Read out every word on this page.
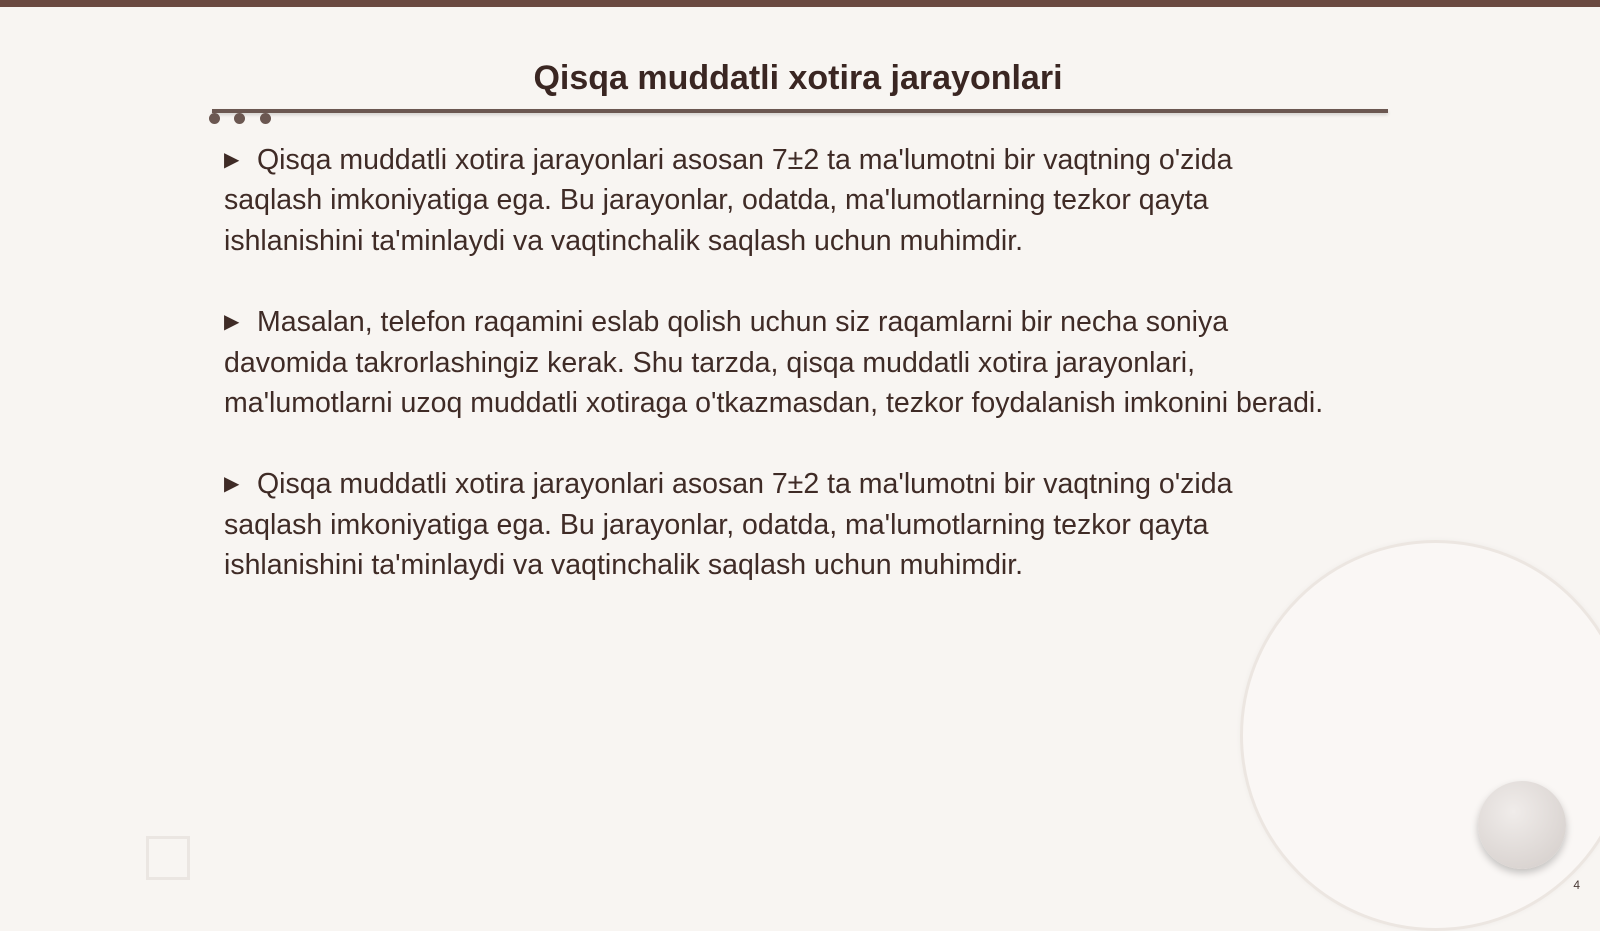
Qisqa muddatli xotira jarayonlari

▶ Qisqa muddatli xotira jarayonlari asosan 7±2 ta ma'lumotni bir vaqtning o'zida saqlash imkoniyatiga ega. Bu jarayonlar, odatda, ma'lumotlarning tezkor qayta ishlanishini ta'minlaydi va vaqtinchalik saqlash uchun muhimdir.

▶ Masalan, telefon raqamini eslab qolish uchun siz raqamlarni bir necha soniya davomida takrorlashingiz kerak. Shu tarzda, qisqa muddatli xotira jarayonlari, ma'lumotlarni uzoq muddatli xotiraga o'tkazmasdan, tezkor foydalanish imkonini beradi.

▶ Qisqa muddatli xotira jarayonlari asosan 7±2 ta ma'lumotni bir vaqtning o'zida saqlash imkoniyatiga ega. Bu jarayonlar, odatda, ma'lumotlarning tezkor qayta ishlanishini ta'minlaydi va vaqtinchalik saqlash uchun muhimdir.

4
